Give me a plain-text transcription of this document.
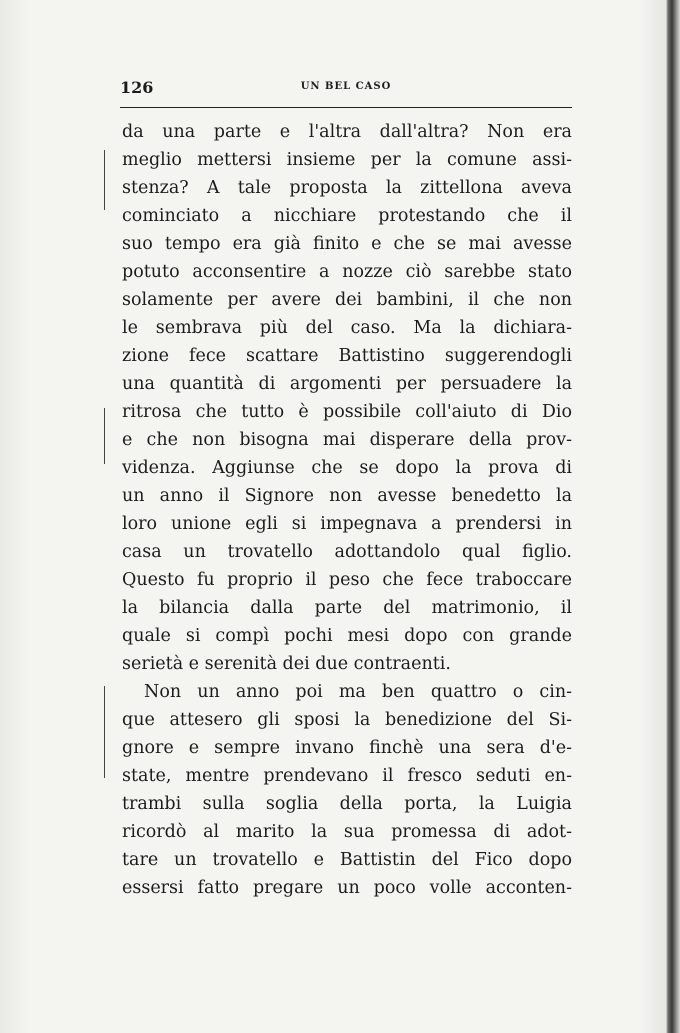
126	UN BEL CASO
da una parte e l'altra dall'altra? Non era
meglio mettersi insieme per la comune assi-
stenza? A tale proposta la zittellona aveva
cominciato a nicchiare protestando che il
suo tempo era già finito e che se mai avesse
potuto acconsentire a nozze ciò sarebbe stato
solamente per avere dei bambini, il che non
le sembrava più del caso. Ma la dichiara-
zione fece scattare Battistino suggerendogli
una quantità di argomenti per persuadere la
ritrosa che tutto è possibile coll'aiuto di Dio
e che non bisogna mai disperare della prov-
videnza. Aggiunse che se dopo la prova di
un anno il Signore non avesse benedetto la
loro unione egli si impegnava a prendersi in
casa un trovatello adottandolo qual figlio.
Questo fu proprio il peso che fece traboccare
la bilancia dalla parte del matrimonio, il
quale si compì pochi mesi dopo con grande
serietà e serenità dei due contraenti.
Non un anno poi ma ben quattro o cin-
que attesero gli sposi la benedizione del Si-
gnore e sempre invano finchè una sera d'e-
state, mentre prendevano il fresco seduti en-
trambi sulla soglia della porta, la Luigia
ricordò al marito la sua promessa di adot-
tare un trovatello e Battistin del Fico dopo
essersi fatto pregare un poco volle acconten-
